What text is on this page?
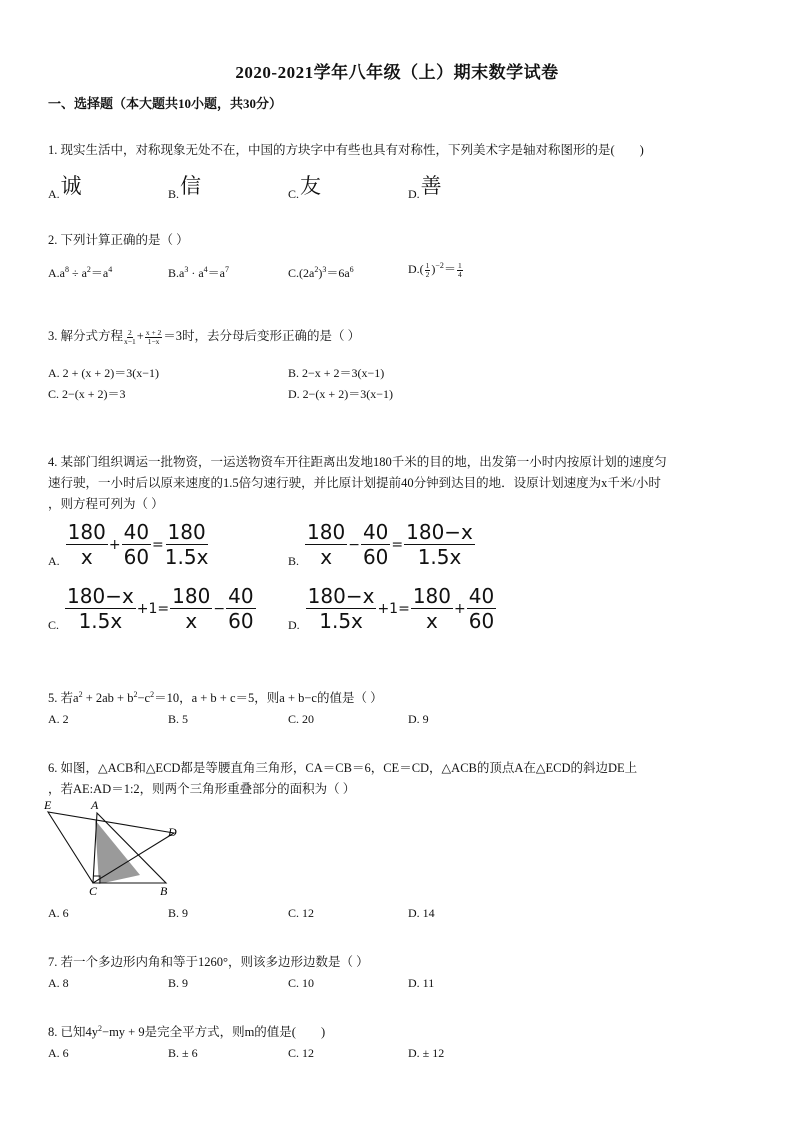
2020-2021学年八年级（上）期末数学试卷
一、选择题（本大题共10小题，共30分）
1. 现实生活中，对称现象无处不在，中国的方块字中有些也具有对称性，下列美术字是轴对称图形的是(　　)
A.诚	B.信	C.友	D.善
2. 下列计算正确的是（ ）
$A.a^8 \div a^2=a^4$	$B.a^3 \cdot a^4=a^7$	$C.(2a^2)^3=6a^6$	$D.( \frac{1}{2} )^{-2}= \frac{1}{4}$
3. 解分式方程 $\frac{2}{x-1} + \frac{x + 2}{1-x} =3$时，去分母后变形正确的是（ ）
A. 2 + (x + 2)＝3(x−1)	B. 2−x + 2＝3(x−1)
C. 2−(x + 2)＝3	D. 2−(x + 2)＝3(x−1)
4. 某部门组织调运一批物资，一运送物资车开往距离出发地180千米的目的地，出发第一小时内按原计划的速度匀
速行驶，一小时后以原来速度的1.5倍匀速行驶，并比原计划提前40分钟到达目的地．设原计划速度为x千米/小时
，则方程可列为（ ）
A. $\frac{180}{x} + \frac{40}{60} = \frac{180}{1.5x}$	B. $\frac{180}{x} - \frac{40}{60} = \frac{180-x}{1.5x}$
C. $\frac{180-x}{1.5x} +1= \frac{180}{x} - \frac{40}{60}$	D. $\frac{180-x}{1.5x} +1= \frac{180}{x} + \frac{40}{60}$
5. 若$a^2 + 2ab + b^2-c^2=10$，a + b + c＝5，则a + b−c的值是（ ）
A. 2	B. 5	C. 20	D. 9
6. 如图，△ACB和△ECD都是等腰直角三角形，CA＝CB＝6，CE＝CD，△ACB的顶点A在△ECD的斜边DE上
，若AE:AD＝1:2，则两个三角形重叠部分的面积为（ ）
E	A
D
C	B
A. 6	B. 9	C. 12	D. 14
7. 若一个多边形内角和等于1260°，则该多边形边数是（ ）
A. 8	B. 9	C. 10	D. 11
8. 已知$4y^2-my + 9$是完全平方式，则m的值是(　　)
A. 6	B. ± 6	C. 12	D. ± 12
